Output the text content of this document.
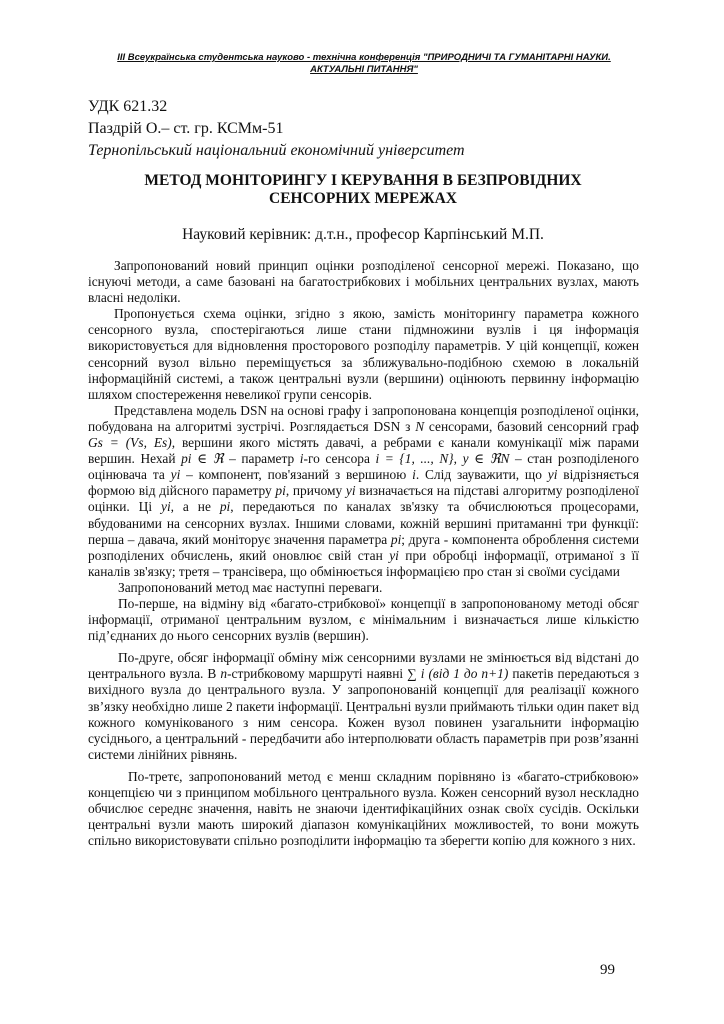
ІІІ Всеукраїнська студентська науково - технічна конференція "ПРИРОДНИЧІ ТА ГУМАНІТАРНІ НАУКИ.
АКТУАЛЬНІ ПИТАННЯ"
УДК 621.32
Паздрій О.– ст. гр. КСМм-51
Тернопільський національний економічний університет
МЕТОД МОНІТОРИНГУ І КЕРУВАННЯ В БЕЗПРОВІДНИХ
СЕНСОРНИХ МЕРЕЖАХ
Науковий керівник: д.т.н., професор Карпінський М.П.

Запропонований новий принцип оцінки розподіленої сенсорної мережі. Показано, що існуючі методи, а саме базовані на багатострибкових і мобільних центральних вузлах, мають власні недоліки.

Пропонується схема оцінки, згідно з якою, замість моніторингу параметра кожного сенсорного вузла, спостерігаються лише стани підмножини вузлів і ця інформація використовується для відновлення просторового розподілу параметрів. У цій концепції, кожен сенсорний вузол вільно переміщується за зближувально-подібною схемою в локальній інформаційній системі, а також центральні вузли (вершини) оцінюють первинну інформацію шляхом спостереження невеликої групи сенсорів.

Представлена модель DSN на основі графу і запропонована концепція розподіленої оцінки, побудована на алгоритмі зустрічі. Розглядається DSN з N сенсорами, базовий сенсорний граф Gs = (Vs, Es), вершини якого містять давачі, а ребрами є канали комунікації між парами вершин. Нехай pi ∈ ℜ – параметр i-го сенсора i = {1, ..., N}, y ∈ ℜN – стан розподіленого оцінювача та yi – компонент, пов'язаний з вершиною i. Слід зауважити, що yi відрізняється формою від дійсного параметру pi, причому yi визначається на підставі алгоритму розподіленої оцінки. Ці yi, а не pi, передаються по каналах зв'язку та обчислюються процесорами, вбудованими на сенсорних вузлах. Іншими словами, кожній вершині притаманні три функції: перша – давача, який моніторує значення параметра pi; друга - компонента оброблення системи розподілених обчислень, який оновлює свій стан yi при обробці інформації, отриманої з її каналів зв'язку; третя – трансівера, що обмінюється інформацією про стан зі своїми сусідами

Запропонований метод має наступні переваги.

По-перше, на відміну від «багато-стрибкової» концепції в запропонованому методі обсяг інформації, отриманої центральним вузлом, є мінімальним і визначається лише кількістю під’єднаних до нього сенсорних вузлів (вершин).

По-друге, обсяг інформації обміну між сенсорними вузлами не змінюється від відстані до центрального вузла. В n-стрибковому маршруті наявні ∑ i (від 1 до n+1) пакетів передаються з вихідного вузла до центрального вузла. У запропонованій концепції для реалізації кожного зв’язку необхідно лише 2 пакети інформації. Центральні вузли приймають тільки один пакет від кожного комунікованого з ним сенсора. Кожен вузол повинен узагальнити інформацію сусіднього, а центральний - передбачити або інтерполювати область параметрів при розв’язанні системи лінійних рівнянь.

По-третє, запропонований метод є менш складним порівняно із «багато-стрибковою» концепцією чи з принципом мобільного центрального вузла. Кожен сенсорний вузол нескладно обчислює середнє значення, навіть не знаючи ідентифікаційних ознак своїх сусідів. Оскільки центральні вузли мають широкий діапазон комунікаційних можливостей, то вони можуть спільно використовувати спільно розподілити інформацію та зберегти копію для кожного з них.

99
